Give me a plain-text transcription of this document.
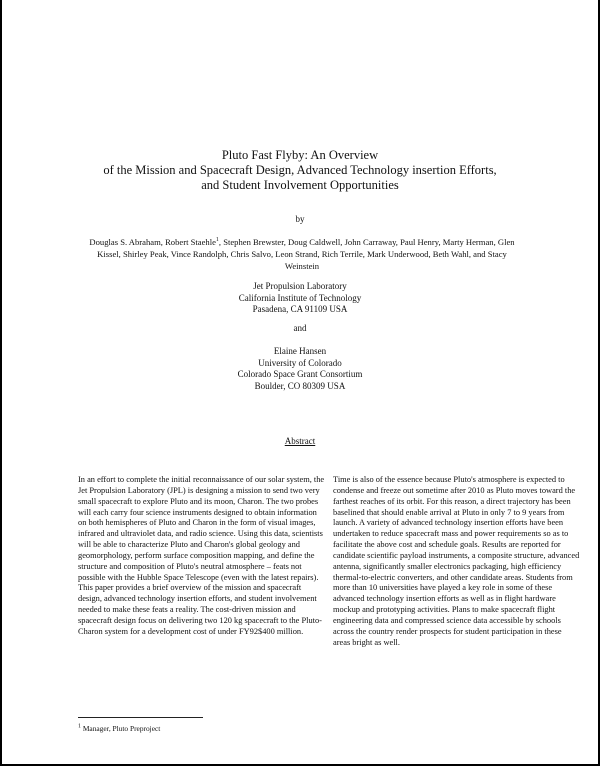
Pluto Fast Flyby: An Overview
of the Mission and Spacecraft Design, Advanced Technology insertion Efforts,
and Student Involvement Opportunities
by
Douglas S. Abraham, Robert Staehle$^1$, Stephen Brewster, Doug Caldwell, John Carraway, Paul Henry, Marty Herman, Glen Kissel, Shirley Peak, Vince Randolph, Chris Salvo, Leon Strand, Rich Terrile, Mark Underwood, Beth Wahl, and Stacy Weinstein
Jet Propulsion Laboratory
California Institute of Technology
Pasadena, CA 91109 USA
and
Elaine Hansen
University of Colorado
Colorado Space Grant Consortium
Boulder, CO 80309 USA
Abstract
In an effort to complete the initial reconnaissance of our solar system, the Jet Propulsion Laboratory (JPL) is designing a mission to send two very small spacecraft to explore Pluto and its moon, Charon. The two probes will each carry four science instruments designed to obtain information on both hemispheres of Pluto and Charon in the form of visual images, infrared and ultraviolet data, and radio science. Using this data, scientists will be able to characterize Pluto and Charon's global geology and geomorphology, perform surface composition mapping, and define the structure and composition of Pluto's neutral atmosphere – feats not possible with the Hubble Space Telescope (even with the latest repairs). This paper provides a brief overview of the mission and spacecraft design, advanced technology insertion efforts, and student involvement needed to make these feats a reality. The cost-driven mission and spacecraft design focus on delivering two 120 kg spacecraft to the Pluto-Charon system for a development cost of under FY92$400 million.
Time is also of the essence because Pluto's atmosphere is expected to condense and freeze out sometime after 2010 as Pluto moves toward the farthest reaches of its orbit. For this reason, a direct trajectory has been baselined that should enable arrival at Pluto in only 7 to 9 years from launch. A variety of advanced technology insertion efforts have been undertaken to reduce spacecraft mass and power requirements so as to facilitate the above cost and schedule goals. Results are reported for candidate scientific payload instruments, a composite structure, advanced antenna, significantly smaller electronics packaging, high efficiency thermal-to-electric converters, and other candidate areas. Students from more than 10 universities have played a key role in some of these advanced technology insertion efforts as well as in flight hardware mockup and prototyping activities. Plans to make spacecraft flight engineering data and compressed science data accessible by schools across the country render prospects for student participation in these areas bright as well.
$^1$ Manager, Pluto Preproject
